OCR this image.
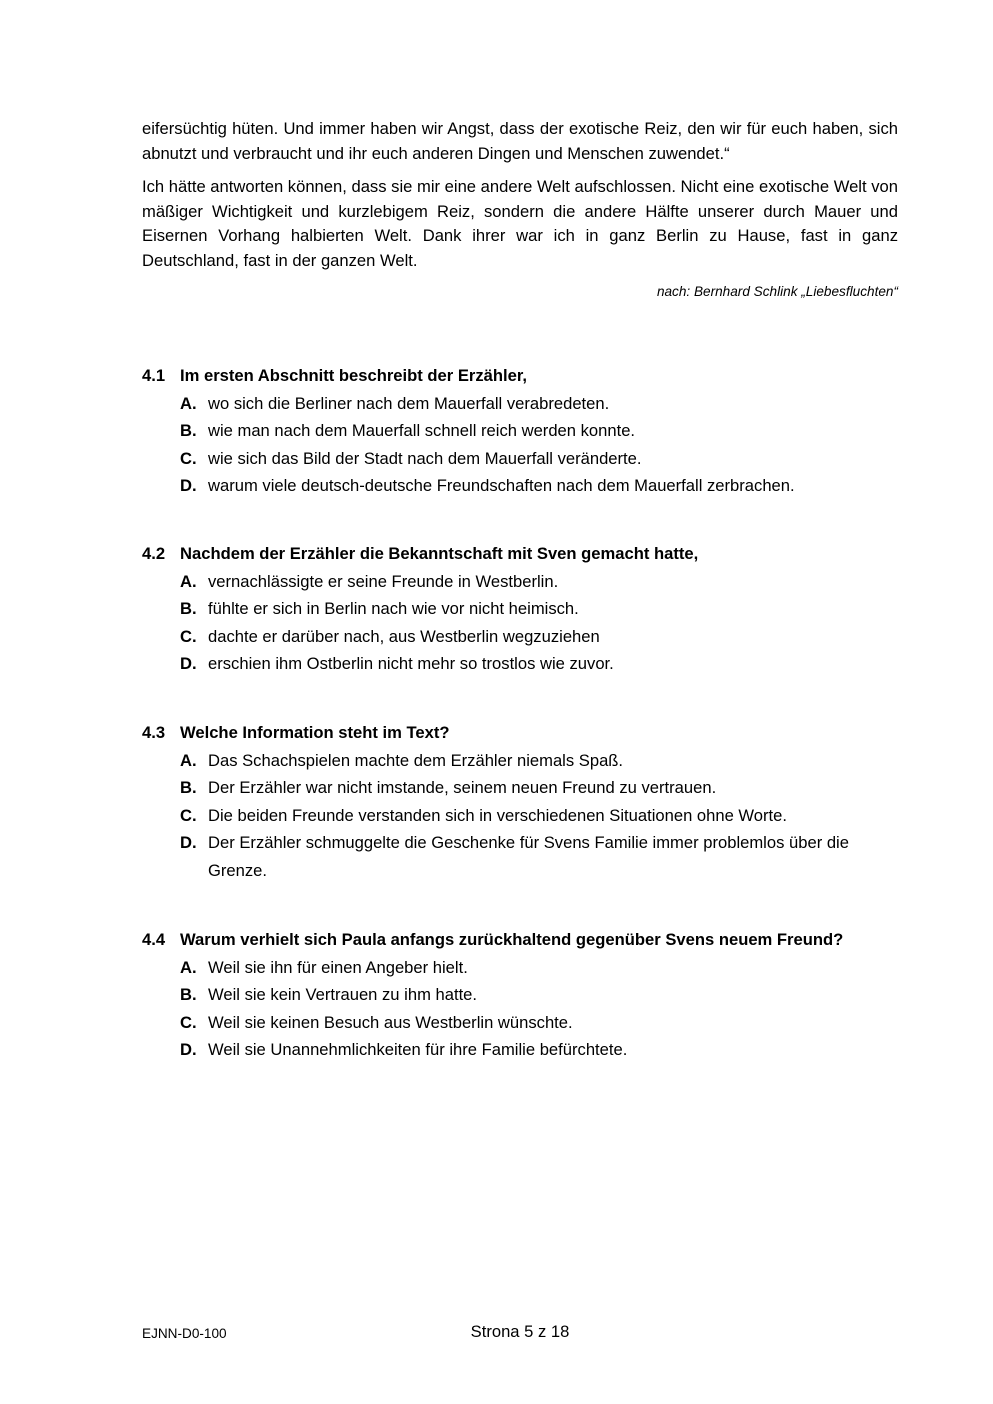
eifersüchtig hüten. Und immer haben wir Angst, dass der exotische Reiz, den wir für euch haben, sich abnutzt und verbraucht und ihr euch anderen Dingen und Menschen zuwendet.“

Ich hätte antworten können, dass sie mir eine andere Welt aufschlossen. Nicht eine exotische Welt von mäßiger Wichtigkeit und kurzlebigem Reiz, sondern die andere Hälfte unserer durch Mauer und Eisernen Vorhang halbierten Welt. Dank ihrer war ich in ganz Berlin zu Hause, fast in ganz Deutschland, fast in der ganzen Welt.

nach: Bernhard Schlink „Liebesfluchten“
4.1 Im ersten Abschnitt beschreibt der Erzähler,
A. wo sich die Berliner nach dem Mauerfall verabredeten.
B. wie man nach dem Mauerfall schnell reich werden konnte.
C. wie sich das Bild der Stadt nach dem Mauerfall veränderte.
D. warum viele deutsch-deutsche Freundschaften nach dem Mauerfall zerbrachen.
4.2 Nachdem der Erzähler die Bekanntschaft mit Sven gemacht hatte,
A. vernachlässigte er seine Freunde in Westberlin.
B. fühlte er sich in Berlin nach wie vor nicht heimisch.
C. dachte er darüber nach, aus Westberlin wegzuziehen
D. erschien ihm Ostberlin nicht mehr so trostlos wie zuvor.
4.3 Welche Information steht im Text?
A. Das Schachspielen machte dem Erzähler niemals Spaß.
B. Der Erzähler war nicht imstande, seinem neuen Freund zu vertrauen.
C. Die beiden Freunde verstanden sich in verschiedenen Situationen ohne Worte.
D. Der Erzähler schmuggelte die Geschenke für Svens Familie immer problemlos über die Grenze.
4.4 Warum verhielt sich Paula anfangs zurückhaltend gegenüber Svens neuem Freund?
A. Weil sie ihn für einen Angeber hielt.
B. Weil sie kein Vertrauen zu ihm hatte.
C. Weil sie keinen Besuch aus Westberlin wünschte.
D. Weil sie Unannehmlichkeiten für ihre Familie befürchtete.
EJNN-D0-100	Strona 5 z 18
